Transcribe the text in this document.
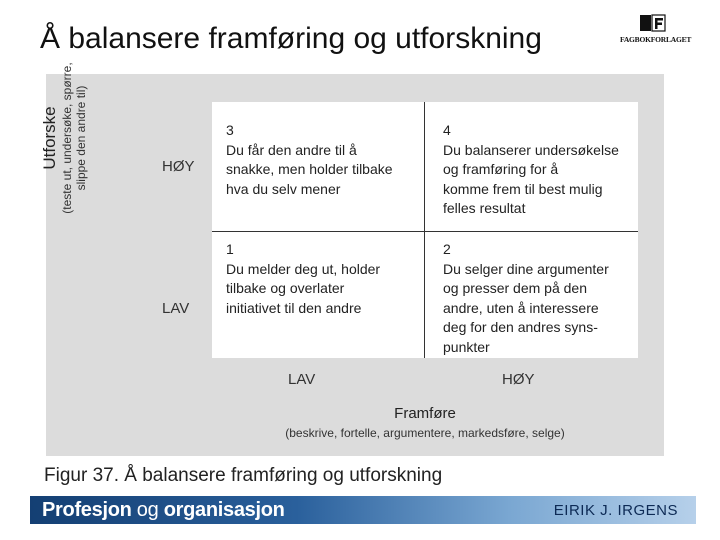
Å balansere framføring og utforskning	FAGBOKFORLAGET
3
Du får den andre til å
snakke, men holder tilbake
hva du selv mener
4
Du balanserer undersøkelse
og framføring for å
komme frem til best mulig
felles resultat
1
Du melder deg ut, holder
tilbake og overlater
initiativet til den andre
2
Du selger dine argumenter
og presser dem på den
andre, uten å interessere
deg for den andres syns-
punkter
Utforske (teste ut, undersøke, spørre, slippe den andre til)	HØY
LAV
LAV	HØY
Framføre
(beskrive, fortelle, argumentere, markedsføre, selge)
Figur 37. Å balansere framføring og utforskning
Profesjon og organisasjon	EIRIK J. IRGENS
